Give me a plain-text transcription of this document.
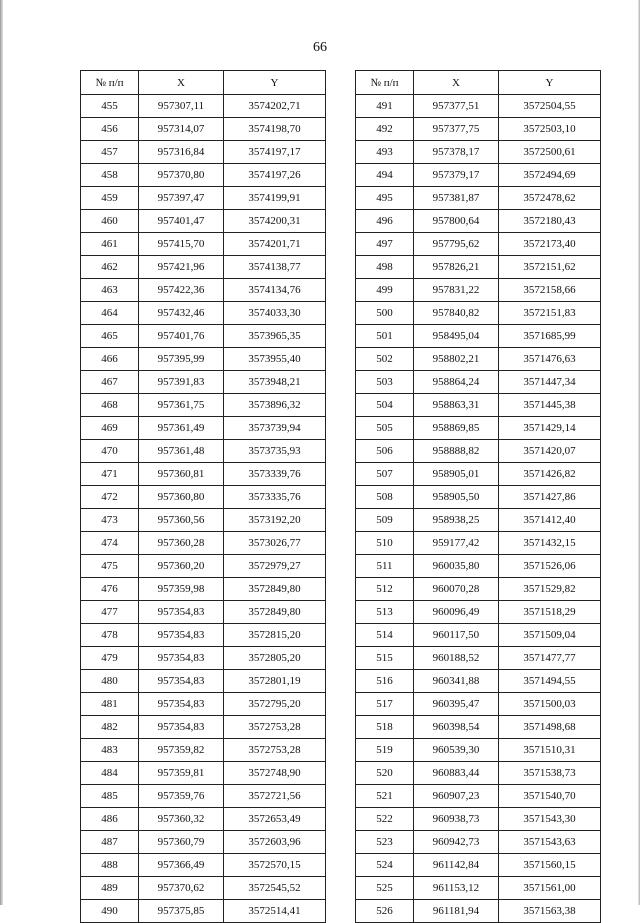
66
№ п/п	X	Y
455	957307,11	3574202,71
456	957314,07	3574198,70
457	957316,84	3574197,17
458	957370,80	3574197,26
459	957397,47	3574199,91
460	957401,47	3574200,31
461	957415,70	3574201,71
462	957421,96	3574138,77
463	957422,36	3574134,76
464	957432,46	3574033,30
465	957401,76	3573965,35
466	957395,99	3573955,40
467	957391,83	3573948,21
468	957361,75	3573896,32
469	957361,49	3573739,94
470	957361,48	3573735,93
471	957360,81	3573339,76
472	957360,80	3573335,76
473	957360,56	3573192,20
474	957360,28	3573026,77
475	957360,20	3572979,27
476	957359,98	3572849,80
477	957354,83	3572849,80
478	957354,83	3572815,20
479	957354,83	3572805,20
480	957354,83	3572801,19
481	957354,83	3572795,20
482	957354,83	3572753,28
483	957359,82	3572753,28
484	957359,81	3572748,90
485	957359,76	3572721,56
486	957360,32	3572653,49
487	957360,79	3572603,96
488	957366,49	3572570,15
489	957370,62	3572545,52
490	957375,85	3572514,41
№ п/п	X	Y
491	957377,51	3572504,55
492	957377,75	3572503,10
493	957378,17	3572500,61
494	957379,17	3572494,69
495	957381,87	3572478,62
496	957800,64	3572180,43
497	957795,62	3572173,40
498	957826,21	3572151,62
499	957831,22	3572158,66
500	957840,82	3572151,83
501	958495,04	3571685,99
502	958802,21	3571476,63
503	958864,24	3571447,34
504	958863,31	3571445,38
505	958869,85	3571429,14
506	958888,82	3571420,07
507	958905,01	3571426,82
508	958905,50	3571427,86
509	958938,25	3571412,40
510	959177,42	3571432,15
511	960035,80	3571526,06
512	960070,28	3571529,82
513	960096,49	3571518,29
514	960117,50	3571509,04
515	960188,52	3571477,77
516	960341,88	3571494,55
517	960395,47	3571500,03
518	960398,54	3571498,68
519	960539,30	3571510,31
520	960883,44	3571538,73
521	960907,23	3571540,70
522	960938,73	3571543,30
523	960942,73	3571543,63
524	961142,84	3571560,15
525	961153,12	3571561,00
526	961181,94	3571563,38
